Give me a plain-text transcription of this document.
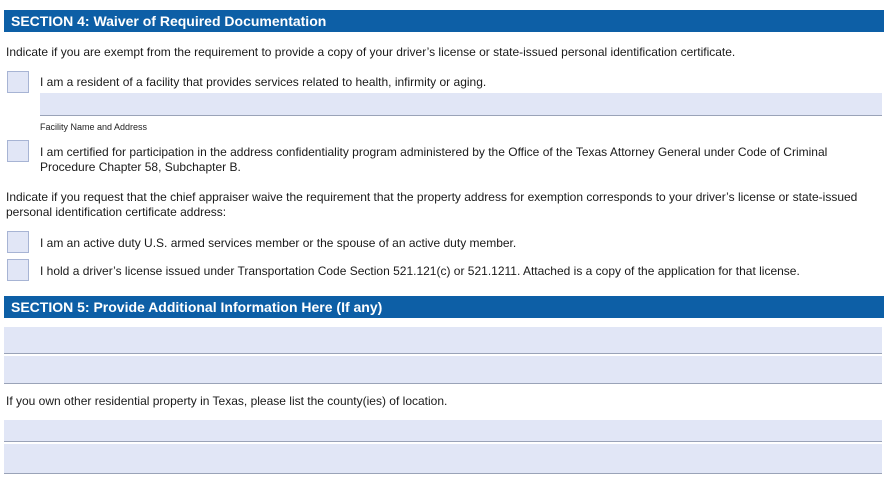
SECTION 4: Waiver of Required Documentation
Indicate if you are exempt from the requirement to provide a copy of your driver’s license or state-issued personal identification certificate.
I am a resident of a facility that provides services related to health, infirmity or aging.
Facility Name and Address
I am certified for participation in the address confidentiality program administered by the Office of the Texas Attorney General under Code of Criminal
Procedure Chapter 58, Subchapter B.
Indicate if you request that the chief appraiser waive the requirement that the property address for exemption corresponds to your driver’s license or state-issued
personal identification certificate address:
I am an active duty U.S. armed services member or the spouse of an active duty member.
I hold a driver’s license issued under Transportation Code Section 521.121(c) or 521.1211. Attached is a copy of the application for that license.
SECTION 5: Provide Additional Information Here (If any)
If you own other residential property in Texas, please list the county(ies) of location.
